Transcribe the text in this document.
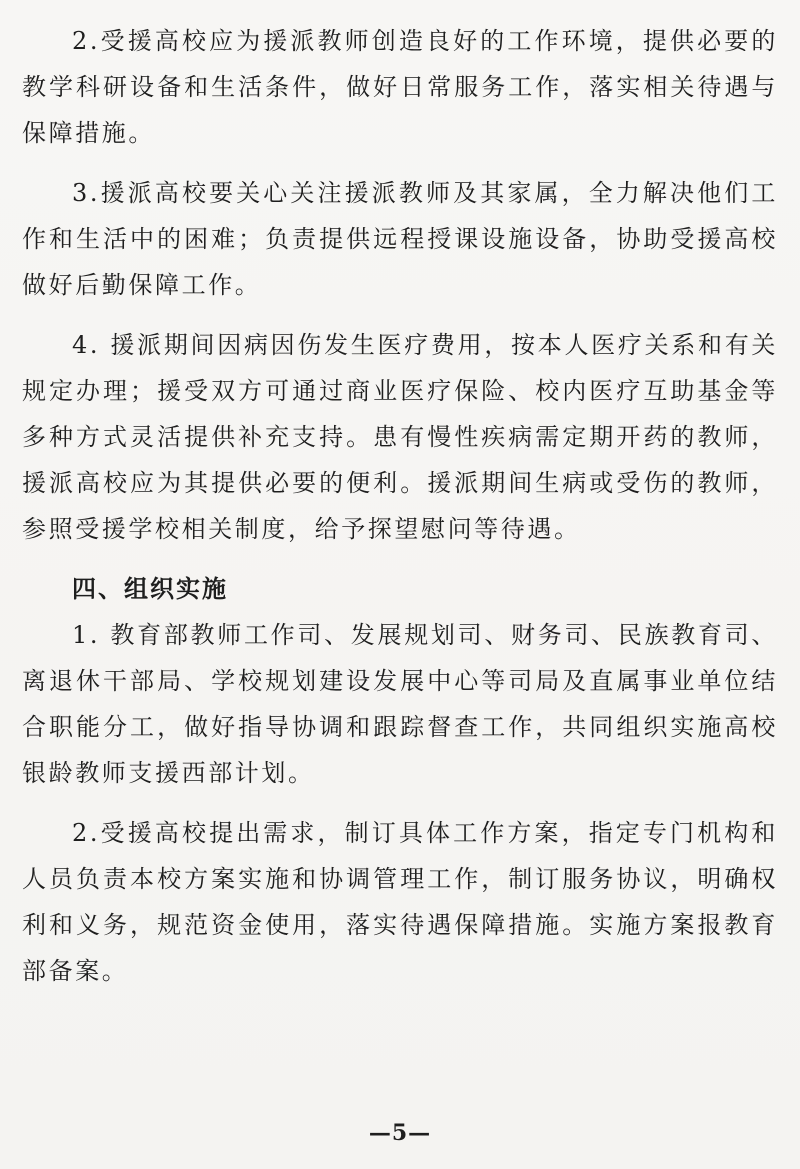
2.受援高校应为援派教师创造良好的工作环境，提供必要的教学科研设备和生活条件，做好日常服务工作，落实相关待遇与保障措施。

3.援派高校要关心关注援派教师及其家属，全力解决他们工作和生活中的困难；负责提供远程授课设施设备，协助受援高校做好后勤保障工作。

4. 援派期间因病因伤发生医疗费用，按本人医疗关系和有关规定办理；援受双方可通过商业医疗保险、校内医疗互助基金等多种方式灵活提供补充支持。患有慢性疾病需定期开药的教师，援派高校应为其提供必要的便利。援派期间生病或受伤的教师，参照受援学校相关制度，给予探望慰问等待遇。

四、组织实施

1. 教育部教师工作司、发展规划司、财务司、民族教育司、离退休干部局、学校规划建设发展中心等司局及直属事业单位结合职能分工，做好指导协调和跟踪督查工作，共同组织实施高校银龄教师支援西部计划。

2.受援高校提出需求，制订具体工作方案，指定专门机构和人员负责本校方案实施和协调管理工作，制订服务协议，明确权利和义务，规范资金使用，落实待遇保障措施。实施方案报教育部备案。

—5—
